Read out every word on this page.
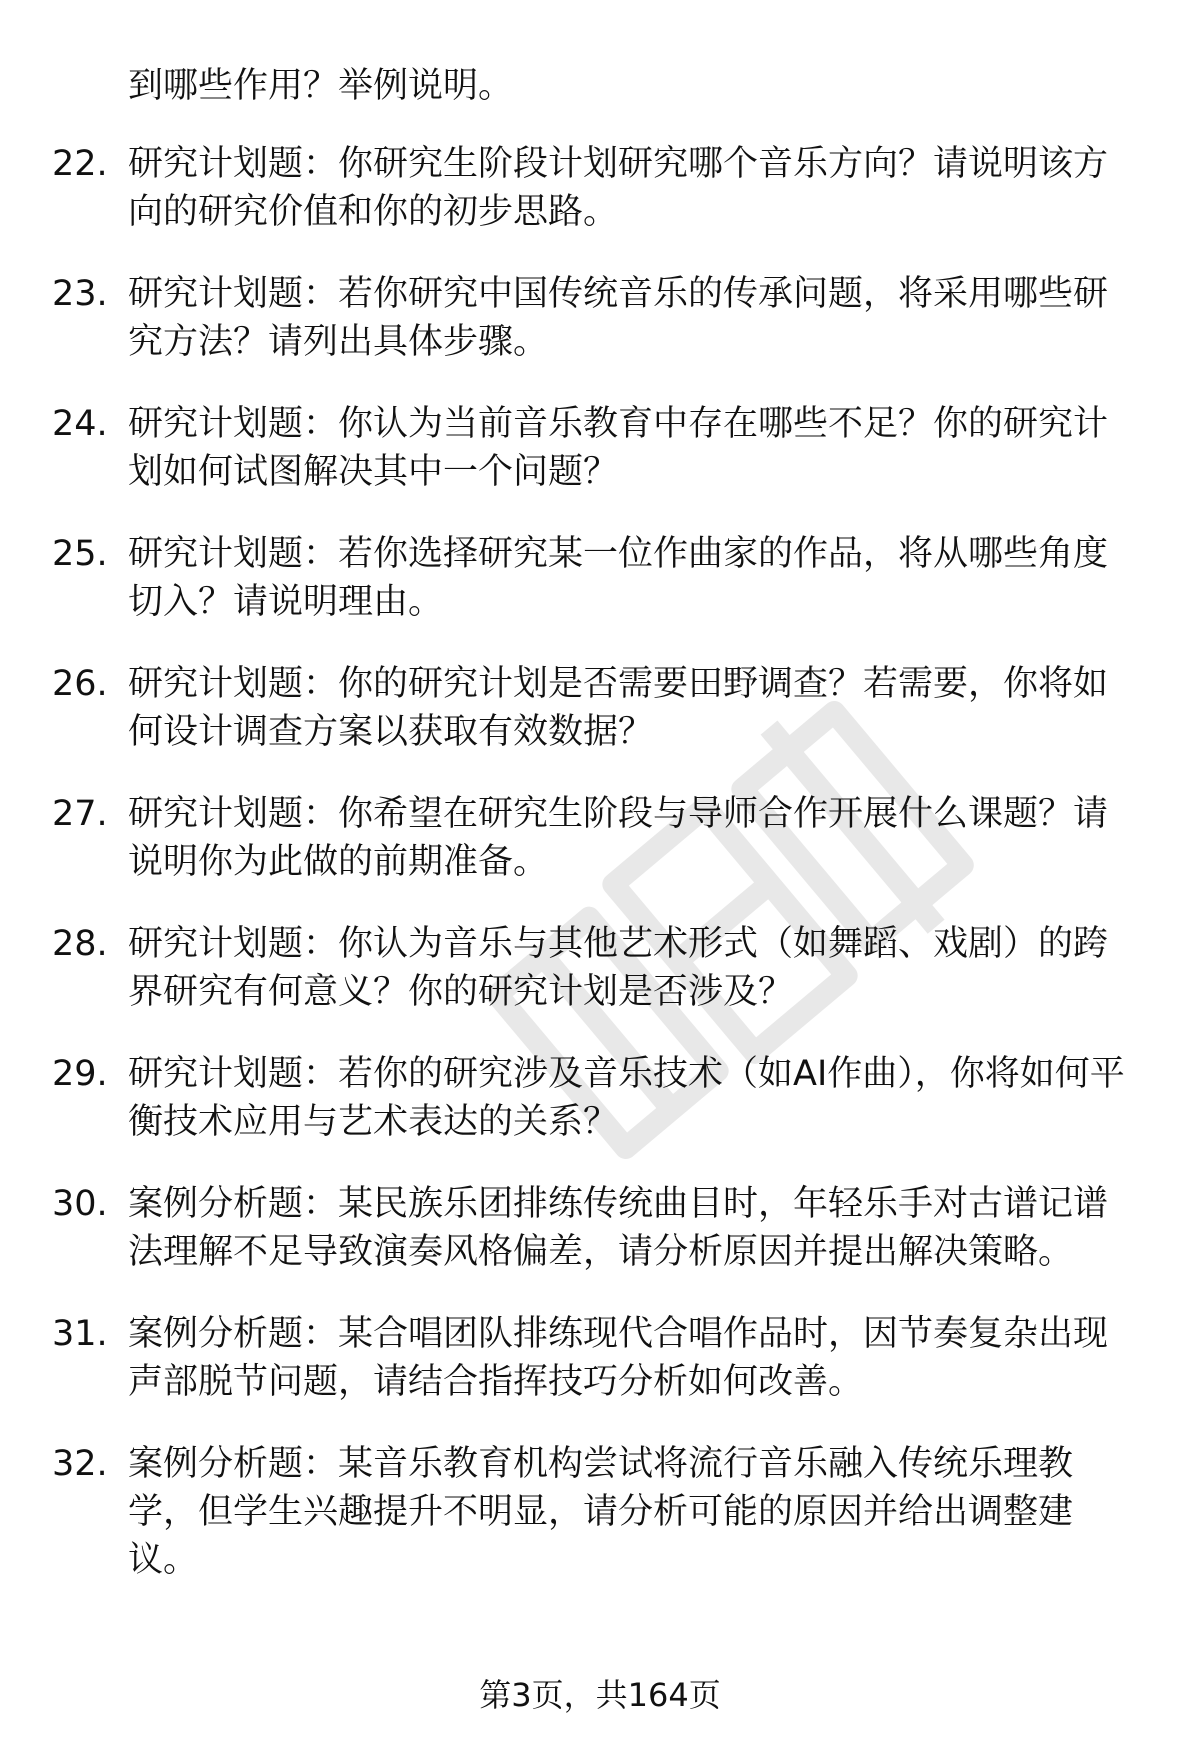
到哪些作用？举例说明。
22. 研究计划题：你研究生阶段计划研究哪个音乐方向？请说明该方向的研究价值和你的初步思路。
23. 研究计划题：若你研究中国传统音乐的传承问题，将采用哪些研究方法？请列出具体步骤。
24. 研究计划题：你认为当前音乐教育中存在哪些不足？你的研究计划如何试图解决其中一个问题？
25. 研究计划题：若你选择研究某一位作曲家的作品，将从哪些角度切入？请说明理由。
26. 研究计划题：你的研究计划是否需要田野调查？若需要，你将如何设计调查方案以获取有效数据？
27. 研究计划题：你希望在研究生阶段与导师合作开展什么课题？请说明你为此做的前期准备。
28. 研究计划题：你认为音乐与其他艺术形式（如舞蹈、戏剧）的跨界研究有何意义？你的研究计划是否涉及？
29. 研究计划题：若你的研究涉及音乐技术（如AI作曲），你将如何平衡技术应用与艺术表达的关系？
30. 案例分析题：某民族乐团排练传统曲目时，年轻乐手对古谱记谱法理解不足导致演奏风格偏差，请分析原因并提出解决策略。
31. 案例分析题：某合唱团队排练现代合唱作品时，因节奏复杂出现声部脱节问题，请结合指挥技巧分析如何改善。
32. 案例分析题：某音乐教育机构尝试将流行音乐融入传统乐理教学，但学生兴趣提升不明显，请分析可能的原因并给出调整建议。
第3页，共164页
